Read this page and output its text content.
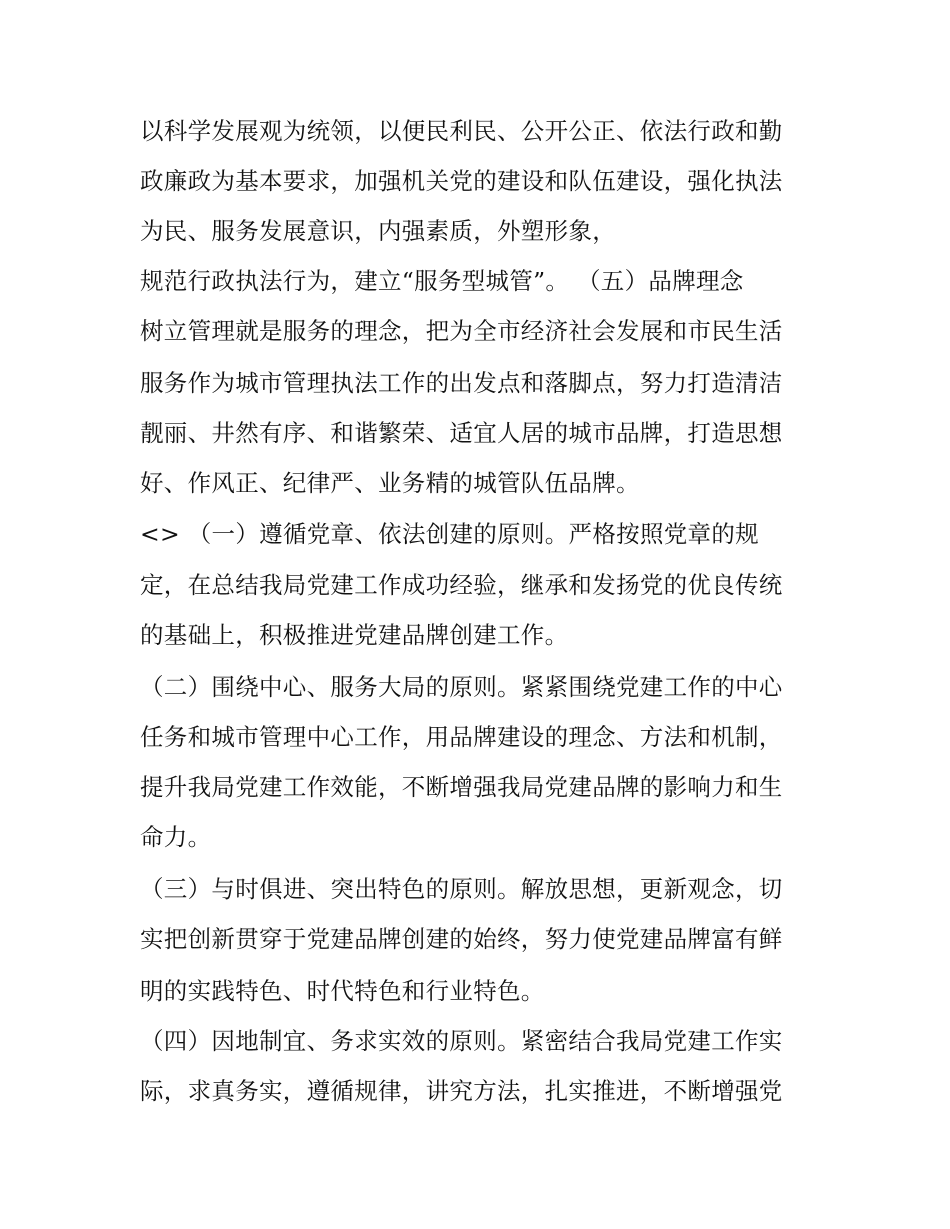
以科学发展观为统领，以便民利民、公开公正、依法行政和勤

政廉政为基本要求，加强机关党的建设和队伍建设，强化执法

为民、服务发展意识，内强素质，外塑形象，

规范行政执法行为，建立“服务型城管”。 （五）品牌理念

树立管理就是服务的理念，把为全市经济社会发展和市民生活

服务作为城市管理执法工作的出发点和落脚点，努力打造清洁

靓丽、井然有序、和谐繁荣、适宜人居的城市品牌，打造思想

好、作风正、纪律严、业务精的城管队伍品牌。

<> （一）遵循党章、依法创建的原则。严格按照党章的规

定，在总结我局党建工作成功经验，继承和发扬党的优良传统

的基础上，积极推进党建品牌创建工作。

（二）围绕中心、服务大局的原则。紧紧围绕党建工作的中心

任务和城市管理中心工作，用品牌建设的理念、方法和机制，

提升我局党建工作效能，不断增强我局党建品牌的影响力和生

命力。

（三）与时俱进、突出特色的原则。解放思想，更新观念，切

实把创新贯穿于党建品牌创建的始终，努力使党建品牌富有鲜

明的实践特色、时代特色和行业特色。

（四）因地制宜、务求实效的原则。紧密结合我局党建工作实

际，求真务实，遵循规律，讲究方法，扎实推进，不断增强党
